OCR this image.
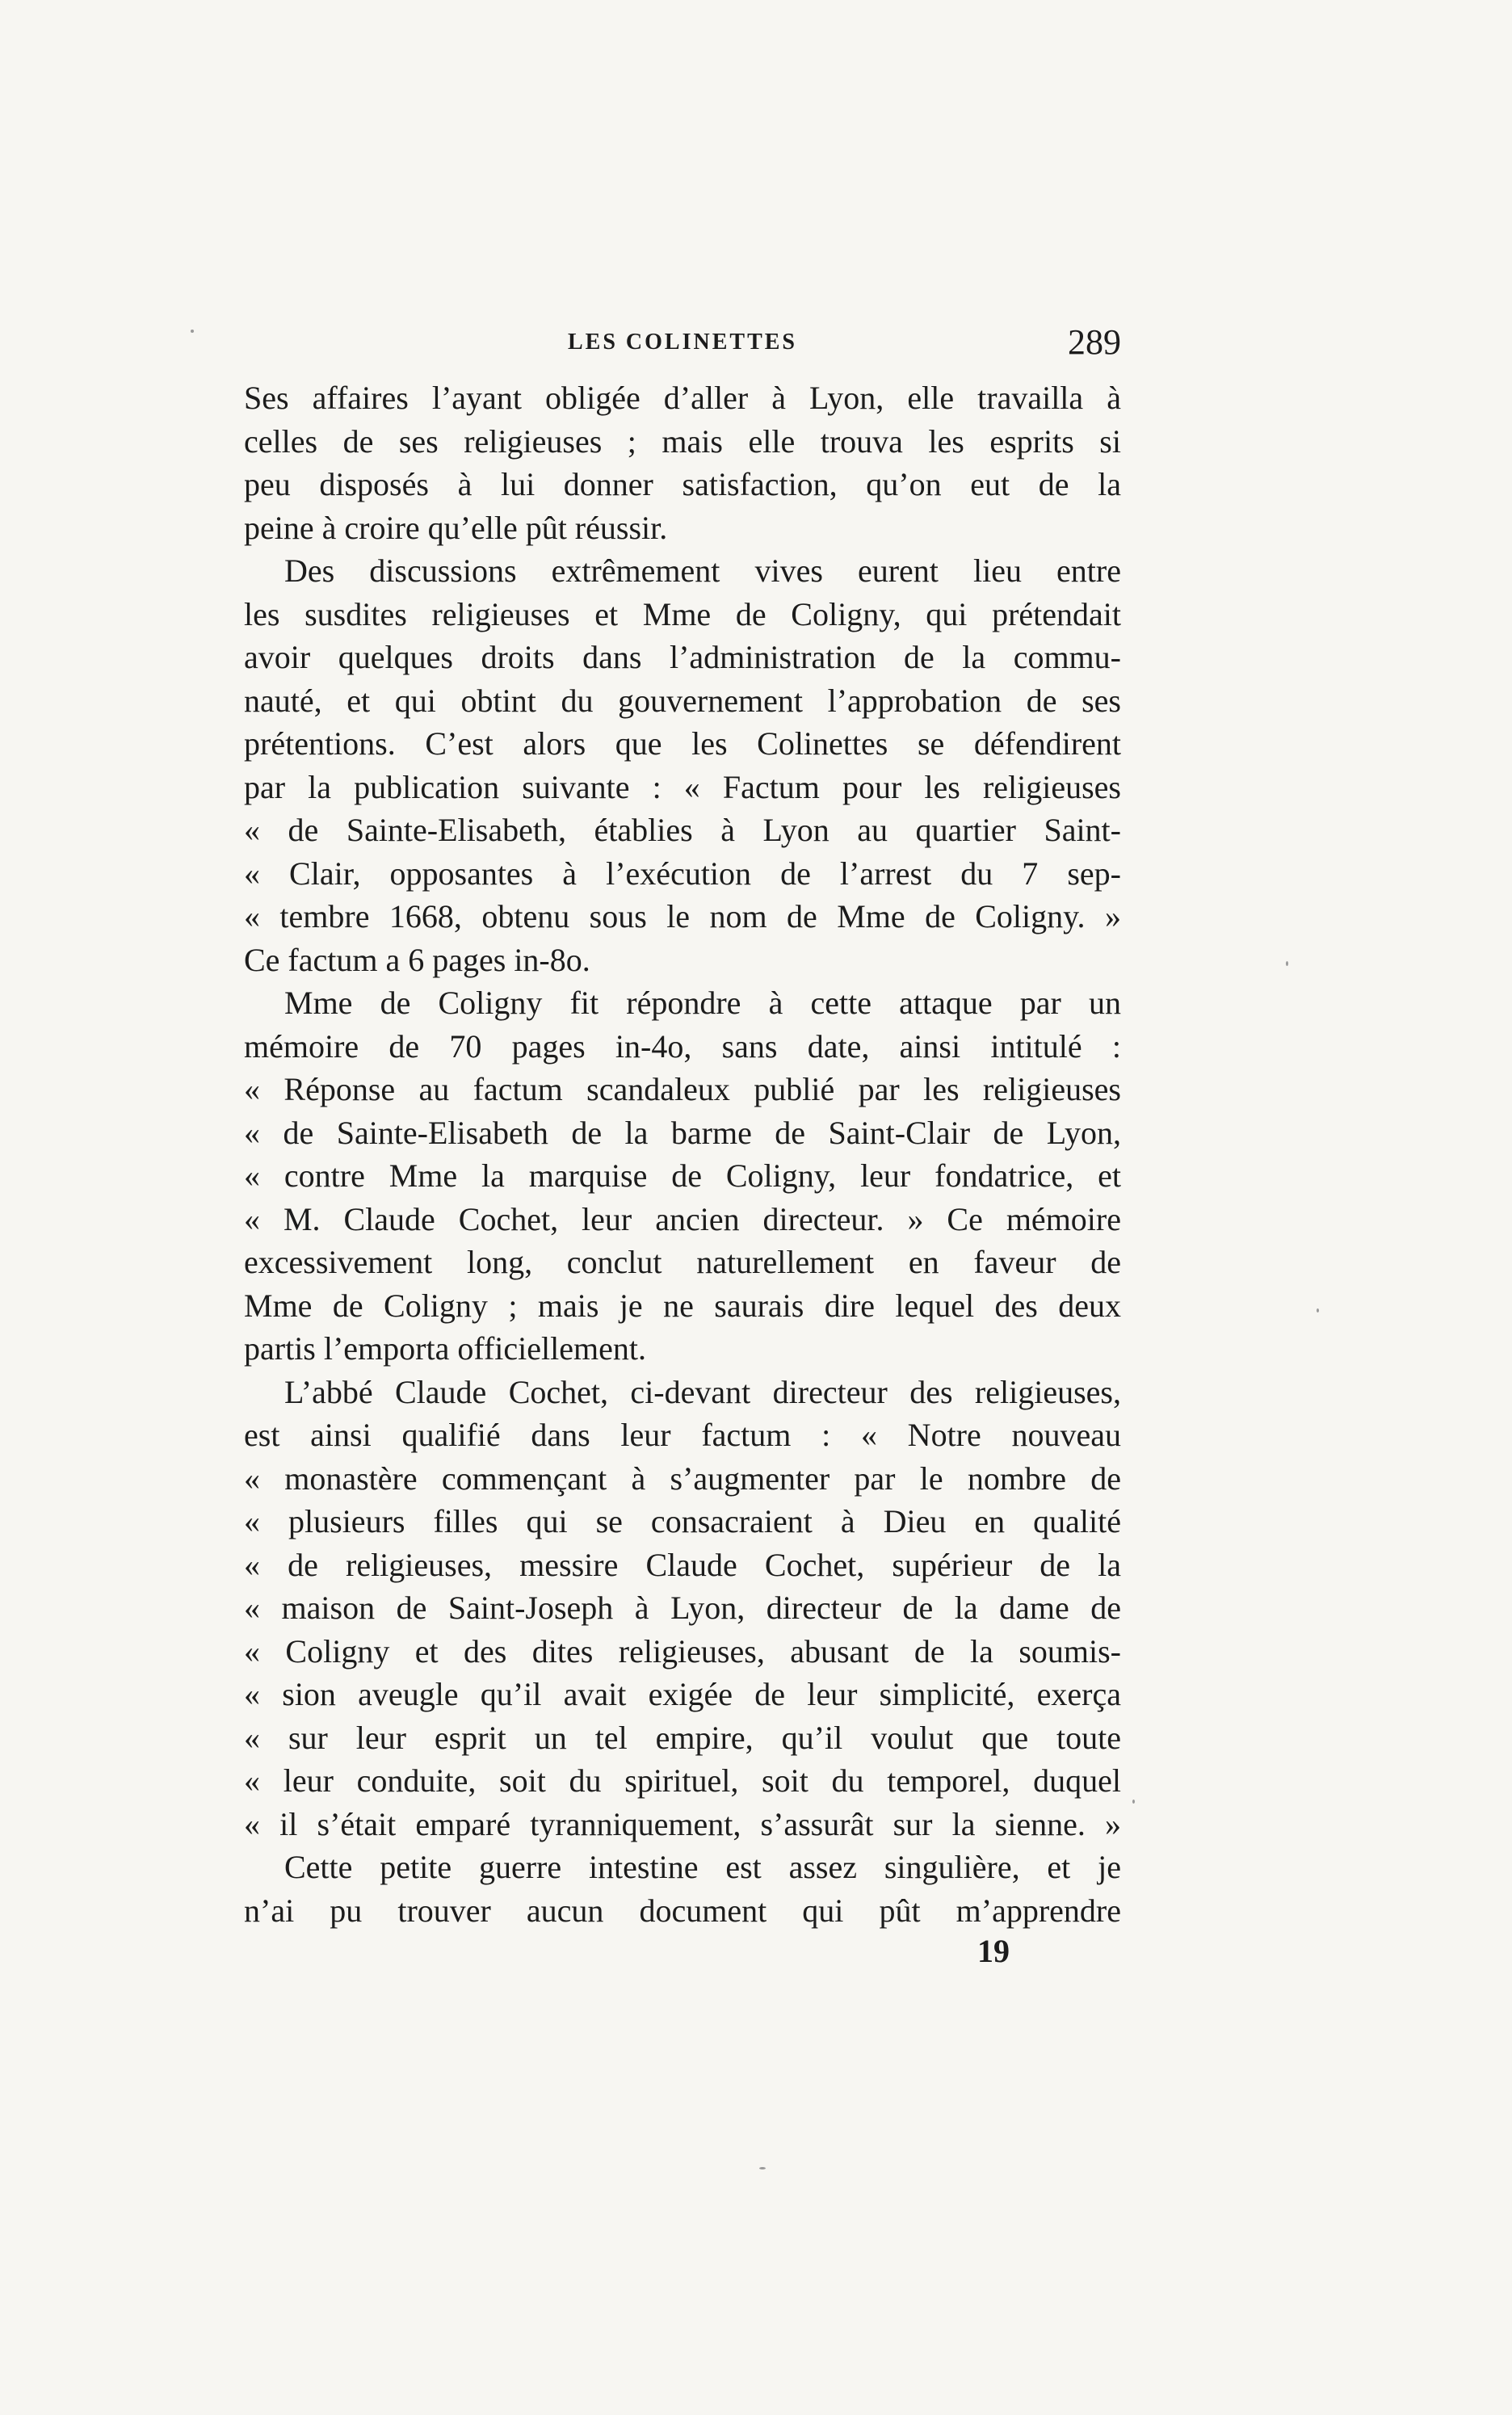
LES COLINETTES	289
Ses affaires l’ayant obligée d’aller à Lyon, elle travailla à
celles de ses religieuses ; mais elle trouva les esprits si
peu disposés à lui donner satisfaction, qu’on eut de la
peine à croire qu’elle pût réussir.
Des discussions extrêmement vives eurent lieu entre
les susdites religieuses et Mme de Coligny, qui prétendait
avoir quelques droits dans l’administration de la commu-
nauté, et qui obtint du gouvernement l’approbation de ses
prétentions. C’est alors que les Colinettes se défendirent
par la publication suivante : « Factum pour les religieuses
« de Sainte-Elisabeth, établies à Lyon au quartier Saint-
« Clair, opposantes à l’exécution de l’arrest du 7 sep-
« tembre 1668, obtenu sous le nom de Mme de Coligny. »
Ce factum a 6 pages in-8o.
Mme de Coligny fit répondre à cette attaque par un
mémoire de 70 pages in-4o, sans date, ainsi intitulé :
« Réponse au factum scandaleux publié par les religieuses
« de Sainte-Elisabeth de la barme de Saint-Clair de Lyon,
« contre Mme la marquise de Coligny, leur fondatrice, et
« M. Claude Cochet, leur ancien directeur. » Ce mémoire
excessivement long, conclut naturellement en faveur de
Mme de Coligny ; mais je ne saurais dire lequel des deux
partis l’emporta officiellement.
L’abbé Claude Cochet, ci-devant directeur des religieuses,
est ainsi qualifié dans leur factum : « Notre nouveau
« monastère commençant à s’augmenter par le nombre de
« plusieurs filles qui se consacraient à Dieu en qualité
« de religieuses, messire Claude Cochet, supérieur de la
« maison de Saint-Joseph à Lyon, directeur de la dame de
« Coligny et des dites religieuses, abusant de la soumis-
« sion aveugle qu’il avait exigée de leur simplicité, exerça
« sur leur esprit un tel empire, qu’il voulut que toute
« leur conduite, soit du spirituel, soit du temporel, duquel
« il s’était emparé tyranniquement, s’assurât sur la sienne. »
Cette petite guerre intestine est assez singulière, et je
n’ai pu trouver aucun document qui pût m’apprendre
19
